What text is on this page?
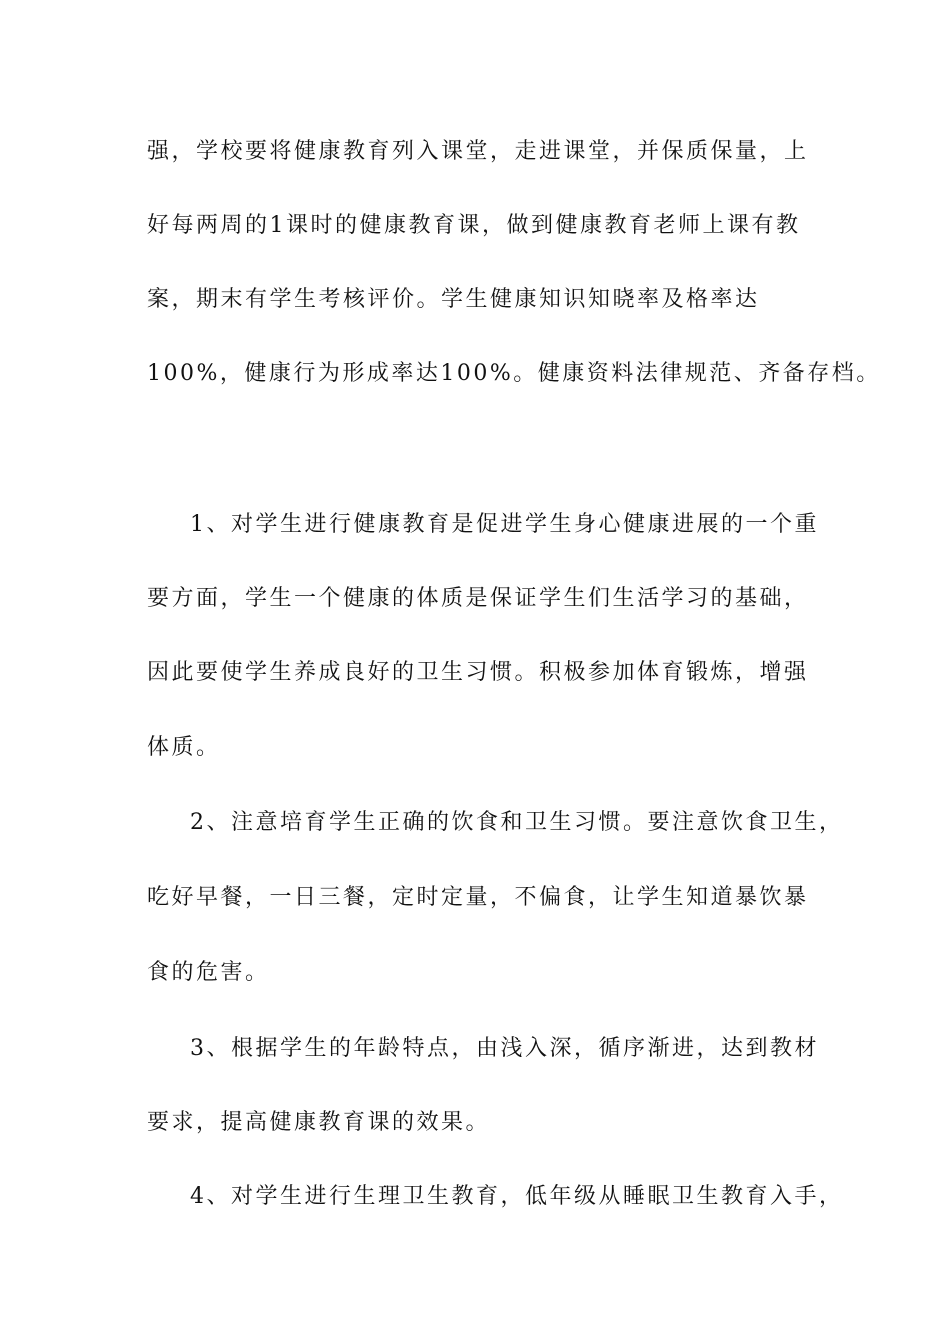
强，学校要将健康教育列入课堂，走进课堂，并保质保量，上
好每两周的1课时的健康教育课，做到健康教育老师上课有教
案，期末有学生考核评价。学生健康知识知晓率及格率达
100%，健康行为形成率达100%。健康资料法律规范、齐备存档。
1、对学生进行健康教育是促进学生身心健康进展的一个重
要方面，学生一个健康的体质是保证学生们生活学习的基础，
因此要使学生养成良好的卫生习惯。积极参加体育锻炼，增强
体质。
2、注意培育学生正确的饮食和卫生习惯。要注意饮食卫生，
吃好早餐，一日三餐，定时定量，不偏食，让学生知道暴饮暴
食的危害。
3、根据学生的年龄特点，由浅入深，循序渐进，达到教材
要求，提高健康教育课的效果。
4、对学生进行生理卫生教育，低年级从睡眠卫生教育入手，
